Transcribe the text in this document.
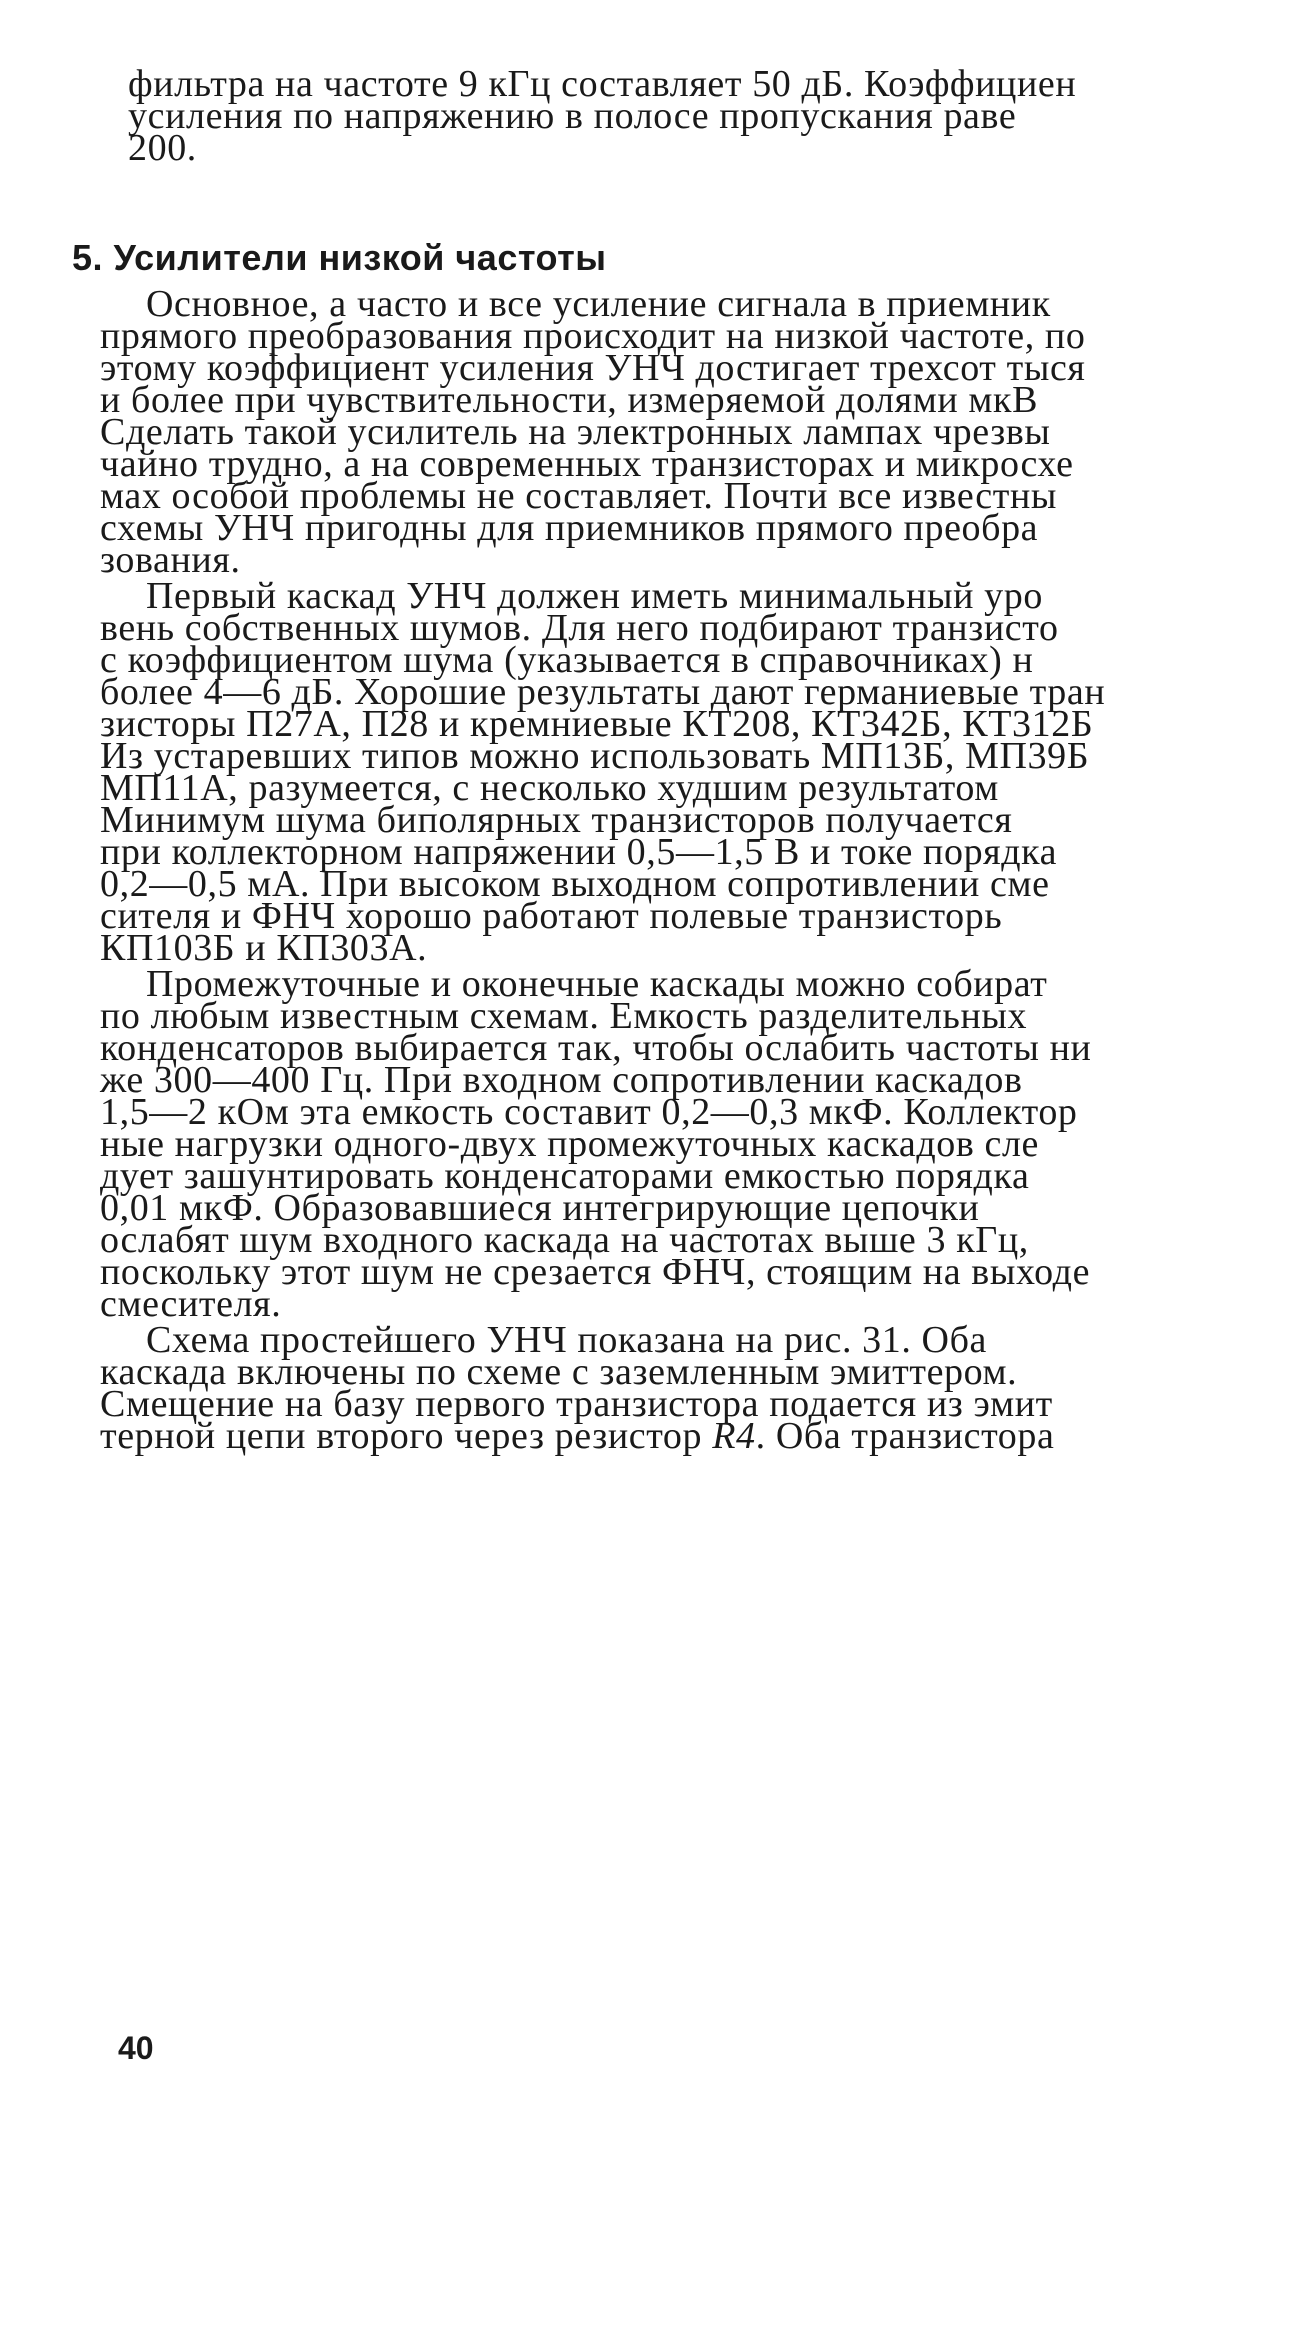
фильтра на частоте 9 кГц составляет 50 дБ. Коэффициен
усиления по напряжению в полосе пропускания раве
200.
5. Усилители низкой частоты
Основное, а часто и все усиление сигнала в приемник
прямого преобразования происходит на низкой частоте, по
этому коэффициент усиления УНЧ достигает трехсот тыся
и более при чувствительности, измеряемой долями мкВ
Сделать такой усилитель на электронных лампах чрезвы
чайно трудно, а на современных транзисторах и микросхе
мах особой проблемы не составляет. Почти все известны
схемы УНЧ пригодны для приемников прямого преобра
зования.
Первый каскад УНЧ должен иметь минимальный уро
вень собственных шумов. Для него подбирают транзисто
с коэффициентом шума (указывается в справочниках) н
более 4—6 дБ. Хорошие результаты дают германиевые тран
зисторы П27А, П28 и кремниевые КТ208, КТ342Б, КТ312Б
Из устаревших типов можно использовать МП13Б, МП39Б
МП11А, разумеется, с несколько худшим результатом
Минимум шума биполярных транзисторов получается
при коллекторном напряжении 0,5—1,5 В и токе порядка
0,2—0,5 мА. При высоком выходном сопротивлении сме
сителя и ФНЧ хорошо работают полевые транзисторь
КП103Б и КП303А.
Промежуточные и оконечные каскады можно собират
по любым известным схемам. Емкость разделительных
конденсаторов выбирается так, чтобы ослабить частоты ни
же 300—400 Гц. При входном сопротивлении каскадов
1,5—2 кОм эта емкость составит 0,2—0,3 мкФ. Коллектор
ные нагрузки одного-двух промежуточных каскадов сле
дует зашунтировать конденсаторами емкостью порядка
0,01 мкФ. Образовавшиеся интегрирующие цепочки
ослабят шум входного каскада на частотах выше 3 кГц,
поскольку этот шум не срезается ФНЧ, стоящим на выходе
смесителя.
Схема простейшего УНЧ показана на рис. 31. Оба
каскада включены по схеме с заземленным эмиттером.
Смещение на базу первого транзистора подается из эмит
терной цепи второго через резистор R4. Оба транзистора
40
